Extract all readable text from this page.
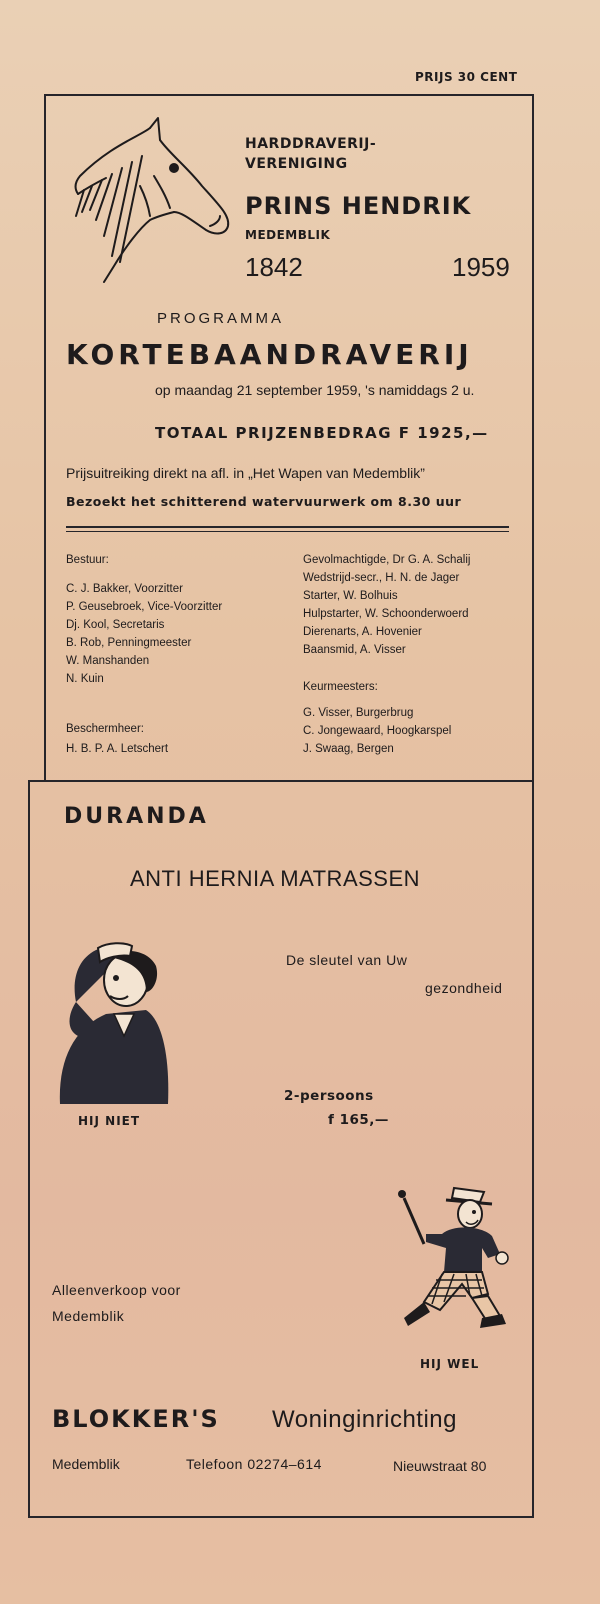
PRIJS 30 CENT
HARDDRAVERIJ-
VERENIGING
PRINS HENDRIK
MEDEMBLIK
1842	1959
PROGRAMMA
KORTEBAANDRAVERIJ
op maandag 21 september 1959, 's namiddags 2 u.
TOTAAL PRIJZENBEDRAG F 1925,—
Prijsuitreiking direkt na afl. in „Het Wapen van Medemblik”
Bezoekt het schitterend watervuurwerk om 8.30 uur
Bestuur:
C. J. Bakker, Voorzitter
P. Geusebroek, Vice-Voorzitter
Dj. Kool, Secretaris
B. Rob, Penningmeester
W. Manshanden
N. Kuin
Beschermheer:
H. B. P. A. Letschert
Gevolmachtigde, Dr G. A. Schalij
Wedstrijd-secr., H. N. de Jager
Starter, W. Bolhuis
Hulpstarter, W. Schoonderwoerd
Dierenarts, A. Hovenier
Baansmid, A. Visser
Keurmeesters:
G. Visser, Burgerbrug
C. Jongewaard, Hoogkarspel
J. Swaag, Bergen
DURANDA
ANTI HERNIA MATRASSEN
HIJ NIET
De sleutel van Uw
gezondheid
2-persoons
f 165,—
HIJ WEL
Alleenverkoop voor
Medemblik
BLOKKER'S Woninginrichting
Medemblik	Telefoon 02274–614	Nieuwstraat 80
